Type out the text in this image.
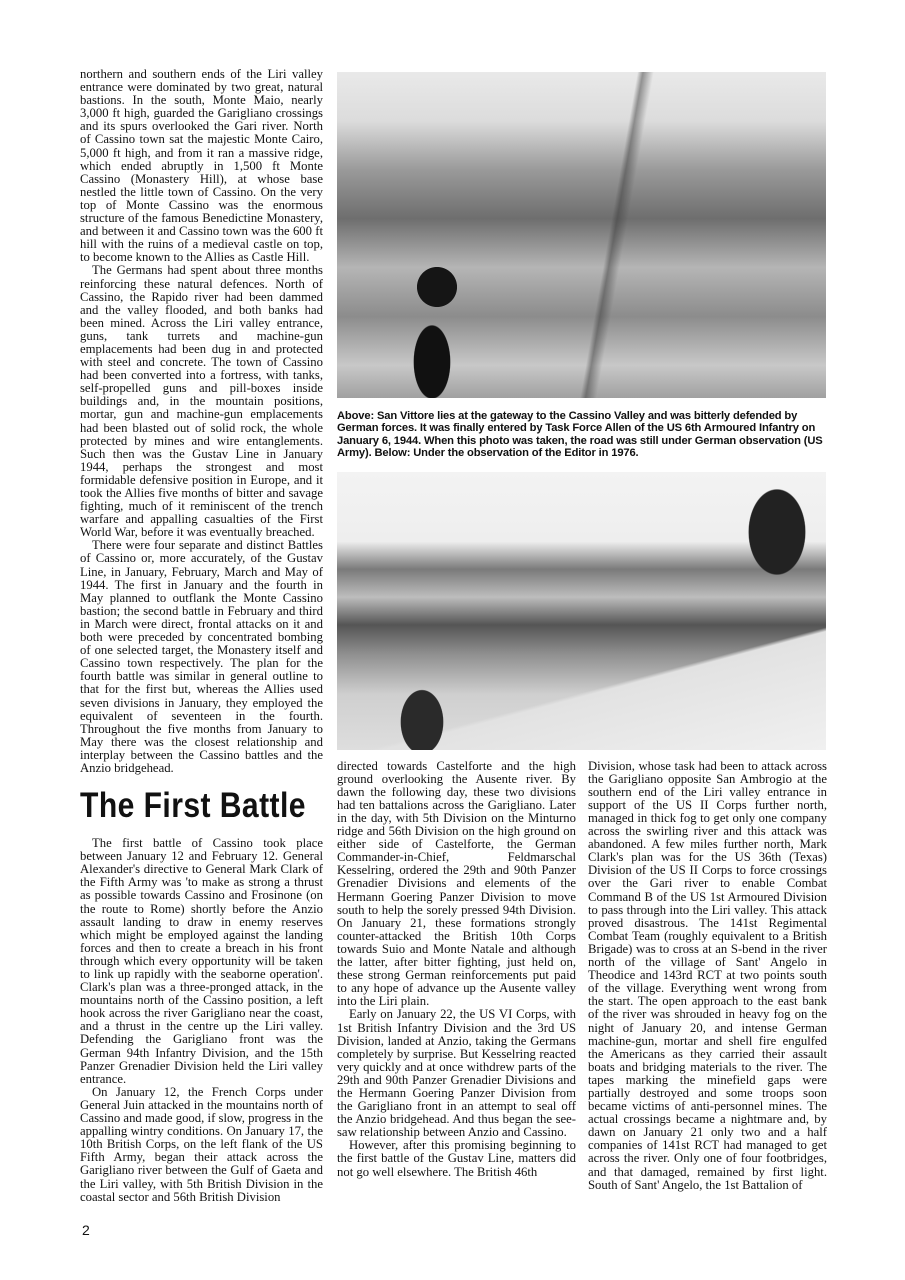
northern and southern ends of the Liri valley entrance were dominated by two great, natural bastions. In the south, Monte Maio, nearly 3,000 ft high, guarded the Garigliano crossings and its spurs overlooked the Gari river. North of Cassino town sat the majestic Monte Cairo, 5,000 ft high, and from it ran a massive ridge, which ended abruptly in 1,500 ft Monte Cassino (Monastery Hill), at whose base nestled the little town of Cassino. On the very top of Monte Cassino was the enormous structure of the famous Benedictine Monastery, and between it and Cassino town was the 600 ft hill with the ruins of a medieval castle on top, to become known to the Allies as Castle Hill.

The Germans had spent about three months reinforcing these natural defences. North of Cassino, the Rapido river had been dammed and the valley flooded, and both banks had been mined. Across the Liri valley entrance, guns, tank turrets and machine-gun emplacements had been dug in and protected with steel and concrete. The town of Cassino had been converted into a fortress, with tanks, self-propelled guns and pill-boxes inside buildings and, in the mountain positions, mortar, gun and machine-gun emplacements had been blasted out of solid rock, the whole protected by mines and wire entanglements. Such then was the Gustav Line in January 1944, perhaps the strongest and most formidable defensive position in Europe, and it took the Allies five months of bitter and savage fighting, much of it reminiscent of the trench warfare and appalling casualties of the First World War, before it was eventually breached.

There were four separate and distinct Battles of Cassino or, more accurately, of the Gustav Line, in January, February, March and May of 1944. The first in January and the fourth in May planned to outflank the Monte Cassino bastion; the second battle in February and third in March were direct, frontal attacks on it and both were preceded by concentrated bombing of one selected target, the Monastery itself and Cassino town respectively. The plan for the fourth battle was similar in general outline to that for the first but, whereas the Allies used seven divisions in January, they employed the equivalent of seventeen in the fourth. Throughout the five months from January to May there was the closest relationship and interplay between the Cassino battles and the Anzio bridgehead.

The First Battle

The first battle of Cassino took place between January 12 and February 12. General Alexander's directive to General Mark Clark of the Fifth Army was 'to make as strong a thrust as possible towards Cassino and Frosinone (on the route to Rome) shortly before the Anzio assault landing to draw in enemy reserves which might be employed against the landing forces and then to create a breach in his front through which every opportunity will be taken to link up rapidly with the seaborne operation'. Clark's plan was a three-pronged attack, in the mountains north of the Cassino position, a left hook across the river Garigliano near the coast, and a thrust in the centre up the Liri valley. Defending the Garigliano front was the German 94th Infantry Division, and the 15th Panzer Grenadier Division held the Liri valley entrance.

On January 12, the French Corps under General Juin attacked in the mountains north of Cassino and made good, if slow, progress in the appalling wintry conditions. On January 17, the 10th British Corps, on the left flank of the US Fifth Army, began their attack across the Garigliano river between the Gulf of Gaeta and the Liri valley, with 5th British Division in the coastal sector and 56th British Division

Above: San Vittore lies at the gateway to the Cassino Valley and was bitterly defended by German forces. It was finally entered by Task Force Allen of the US 6th Armoured Infantry on January 6, 1944. When this photo was taken, the road was still under German observation (US Army). Below: Under the observation of the Editor in 1976.

directed towards Castelforte and the high ground overlooking the Ausente river. By dawn the following day, these two divisions had ten battalions across the Garigliano. Later in the day, with 5th Division on the Minturno ridge and 56th Division on the high ground on either side of Castelforte, the German Commander-in-Chief, Feldmarschal Kesselring, ordered the 29th and 90th Panzer Grenadier Divisions and elements of the Hermann Goering Panzer Division to move south to help the sorely pressed 94th Division. On January 21, these formations strongly counter-attacked the British 10th Corps towards Suio and Monte Natale and although the latter, after bitter fighting, just held on, these strong German reinforcements put paid to any hope of advance up the Ausente valley into the Liri plain.

Early on January 22, the US VI Corps, with 1st British Infantry Division and the 3rd US Division, landed at Anzio, taking the Germans completely by surprise. But Kesselring reacted very quickly and at once withdrew parts of the 29th and 90th Panzer Grenadier Divisions and the Hermann Goering Panzer Division from the Garigliano front in an attempt to seal off the Anzio bridgehead. And thus began the see-saw relationship between Anzio and Cassino.

However, after this promising beginning to the first battle of the Gustav Line, matters did not go well elsewhere. The British 46th

Division, whose task had been to attack across the Garigliano opposite San Ambrogio at the southern end of the Liri valley entrance in support of the US II Corps further north, managed in thick fog to get only one company across the swirling river and this attack was abandoned. A few miles further north, Mark Clark's plan was for the US 36th (Texas) Division of the US II Corps to force crossings over the Gari river to enable Combat Command B of the US 1st Armoured Division to pass through into the Liri valley. This attack proved disastrous. The 141st Regimental Combat Team (roughly equivalent to a British Brigade) was to cross at an S-bend in the river north of the village of Sant' Angelo in Theodice and 143rd RCT at two points south of the village. Everything went wrong from the start. The open approach to the east bank of the river was shrouded in heavy fog on the night of January 20, and intense German machine-gun, mortar and shell fire engulfed the Americans as they carried their assault boats and bridging materials to the river. The tapes marking the minefield gaps were partially destroyed and some troops soon became victims of anti-personnel mines. The actual crossings became a nightmare and, by dawn on January 21 only two and a half companies of 141st RCT had managed to get across the river. Only one of four footbridges, and that damaged, remained by first light. South of Sant' Angelo, the 1st Battalion of

2
